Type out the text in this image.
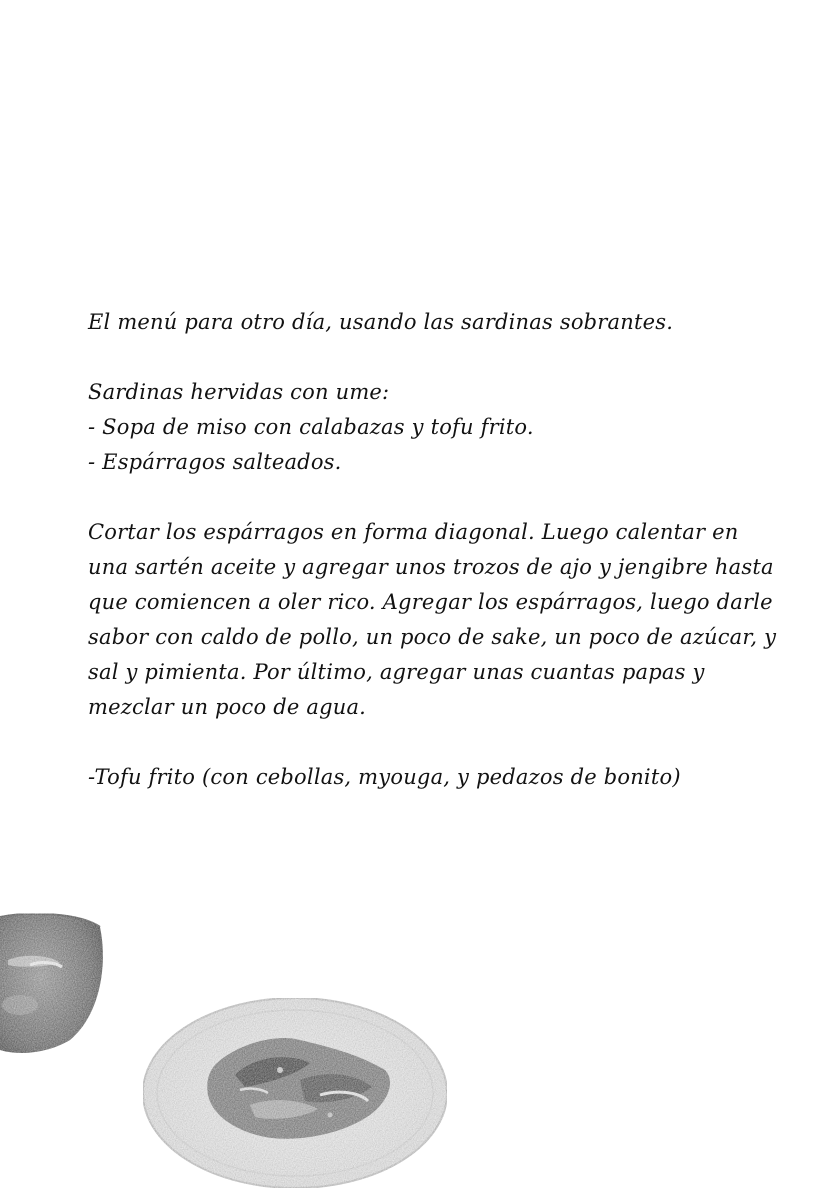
El menú para otro día, usando las sardinas sobrantes.
Sardinas hervidas con ume:
- Sopa de miso con calabazas y tofu frito.
- Espárragos salteados.
Cortar los espárragos en forma diagonal. Luego calentar en
una sartén aceite y agregar unos trozos de ajo y jengibre hasta
que comiencen a oler rico. Agregar los espárragos, luego darle
sabor con caldo de pollo, un poco de sake, un poco de azúcar, y
sal y pimienta. Por último, agregar unas cuantas papas y
mezclar un poco de agua.
-Tofu frito (con cebollas, myouga, y pedazos de bonito)
